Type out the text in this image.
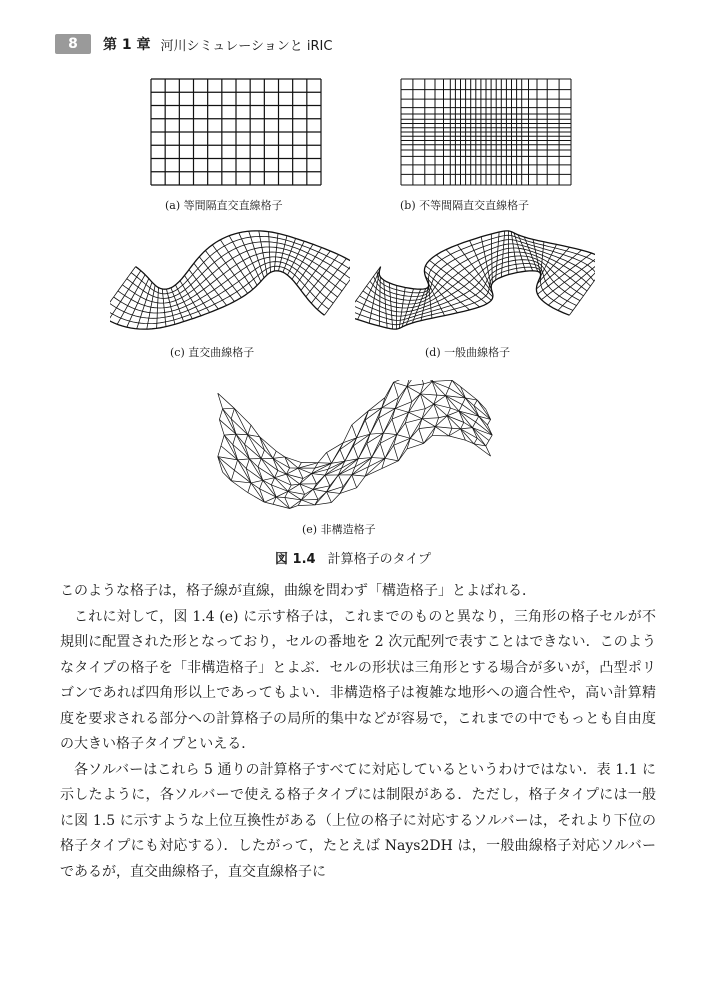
8	第 1 章 河川シミュレーションと iRIC
(a) 等間隔直交直線格子	(b) 不等間隔直交直線格子
(c) 直交曲線格子	(d) 一般曲線格子
(e) 非構造格子
図 1.4 計算格子のタイプ

このような格子は，格子線が直線，曲線を問わず「構造格子」とよばれる．

これに対して，図 1.4 (e) に示す格子は，これまでのものと異なり，三角形の格子セルが不規則に配置された形となっており，セルの番地を 2 次元配列で表すことはできない．このようなタイプの格子を「非構造格子」とよぶ．セルの形状は三角形とする場合が多いが，凸型ポリゴンであれば四角形以上であってもよい．非構造格子は複雑な地形への適合性や，高い計算精度を要求される部分への計算格子の局所的集中などが容易で，これまでの中でもっとも自由度の大きい格子タイプといえる．

各ソルバーはこれら 5 通りの計算格子すべてに対応しているというわけではない．表 1.1 に示したように，各ソルバーで使える格子タイプには制限がある．ただし，格子タイプには一般に図 1.5 に示すような上位互換性がある（上位の格子に対応するソルバーは，それより下位の格子タイプにも対応する）．したがって，たとえば Nays2DH は，一般曲線格子対応ソルバーであるが，直交曲線格子，直交直線格子に
